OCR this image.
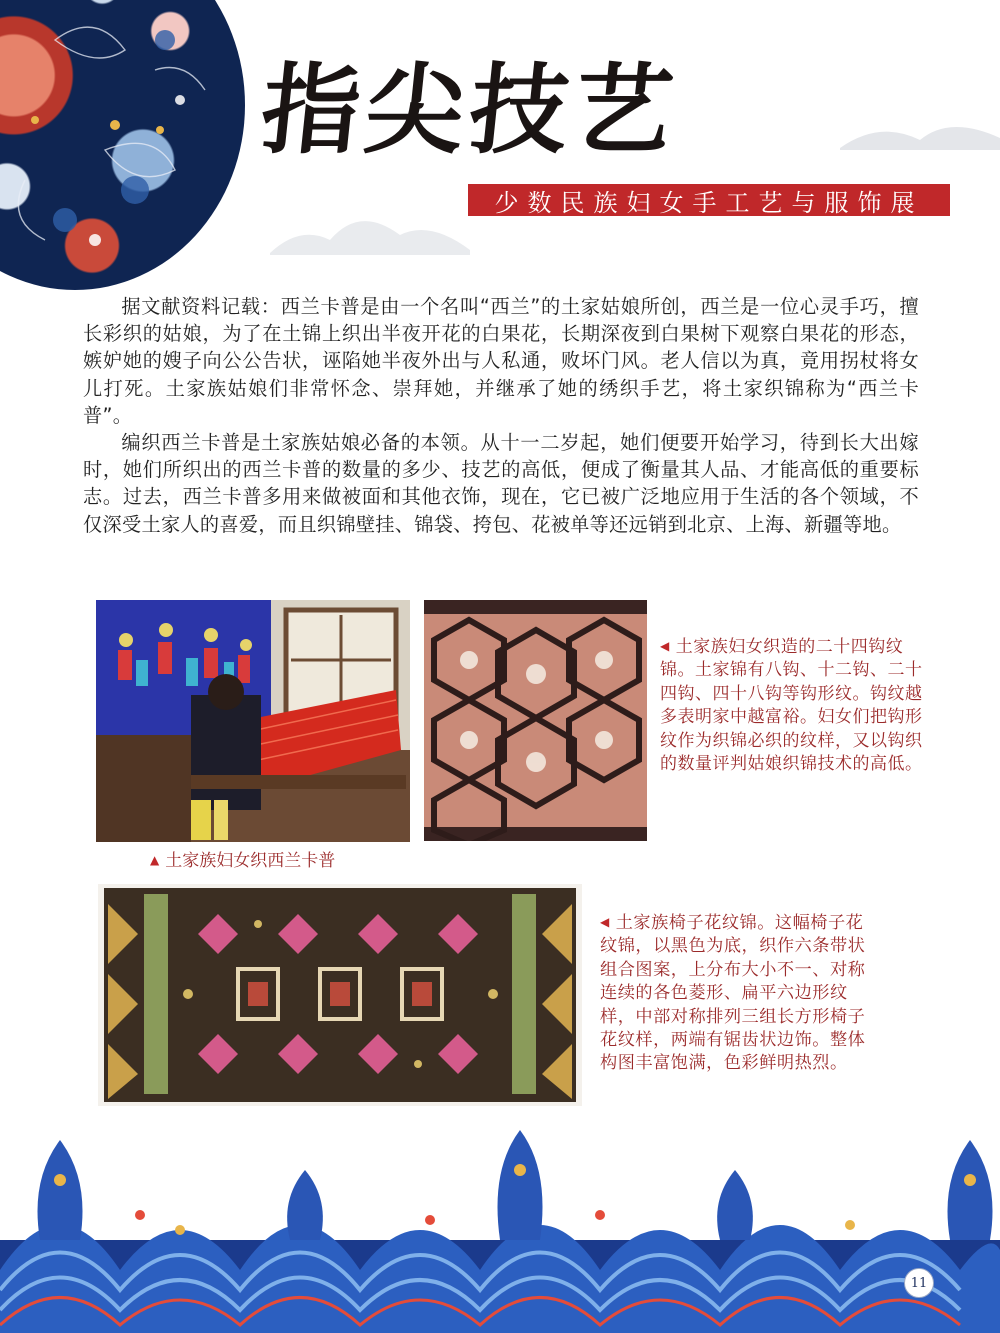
指尖技艺
少数民族妇女手工艺与服饰展

据文献资料记载：西兰卡普是由一个名叫“西兰”的土家姑娘所创，西兰是一位心灵手巧，擅长彩织的姑娘，为了在土锦上织出半夜开花的白果花，长期深夜到白果树下观察白果花的形态，嫉妒她的嫂子向公公告状，诬陷她半夜外出与人私通，败坏门风。老人信以为真，竟用拐杖将女儿打死。土家族姑娘们非常怀念、崇拜她，并继承了她的绣织手艺，将土家织锦称为“西兰卡普”。

编织西兰卡普是土家族姑娘必备的本领。从十一二岁起，她们便要开始学习，待到长大出嫁时，她们所织出的西兰卡普的数量的多少、技艺的高低，便成了衡量其人品、才能高低的重要标志。过去，西兰卡普多用来做被面和其他衣饰，现在，它已被广泛地应用于生活的各个领域，不仅深受土家人的喜爱，而且织锦壁挂、锦袋、挎包、花被单等还远销到北京、上海、新疆等地。

◀ 土家族妇女织造的二十四钩纹锦。土家锦有八钩、十二钩、二十四钩、四十八钩等钩形纹。钩纹越多表明家中越富裕。妇女们把钩形纹作为织锦必织的纹样，又以钩织的数量评判姑娘织锦技术的高低。
▲ 土家族妇女织西兰卡普
◀ 土家族椅子花纹锦。这幅椅子花纹锦，以黑色为底，织作六条带状组合图案，上分布大小不一、对称连续的各色菱形、扁平六边形纹样，中部对称排列三组长方形椅子花纹样，两端有锯齿状边饰。整体构图丰富饱满，色彩鲜明热烈。
11
